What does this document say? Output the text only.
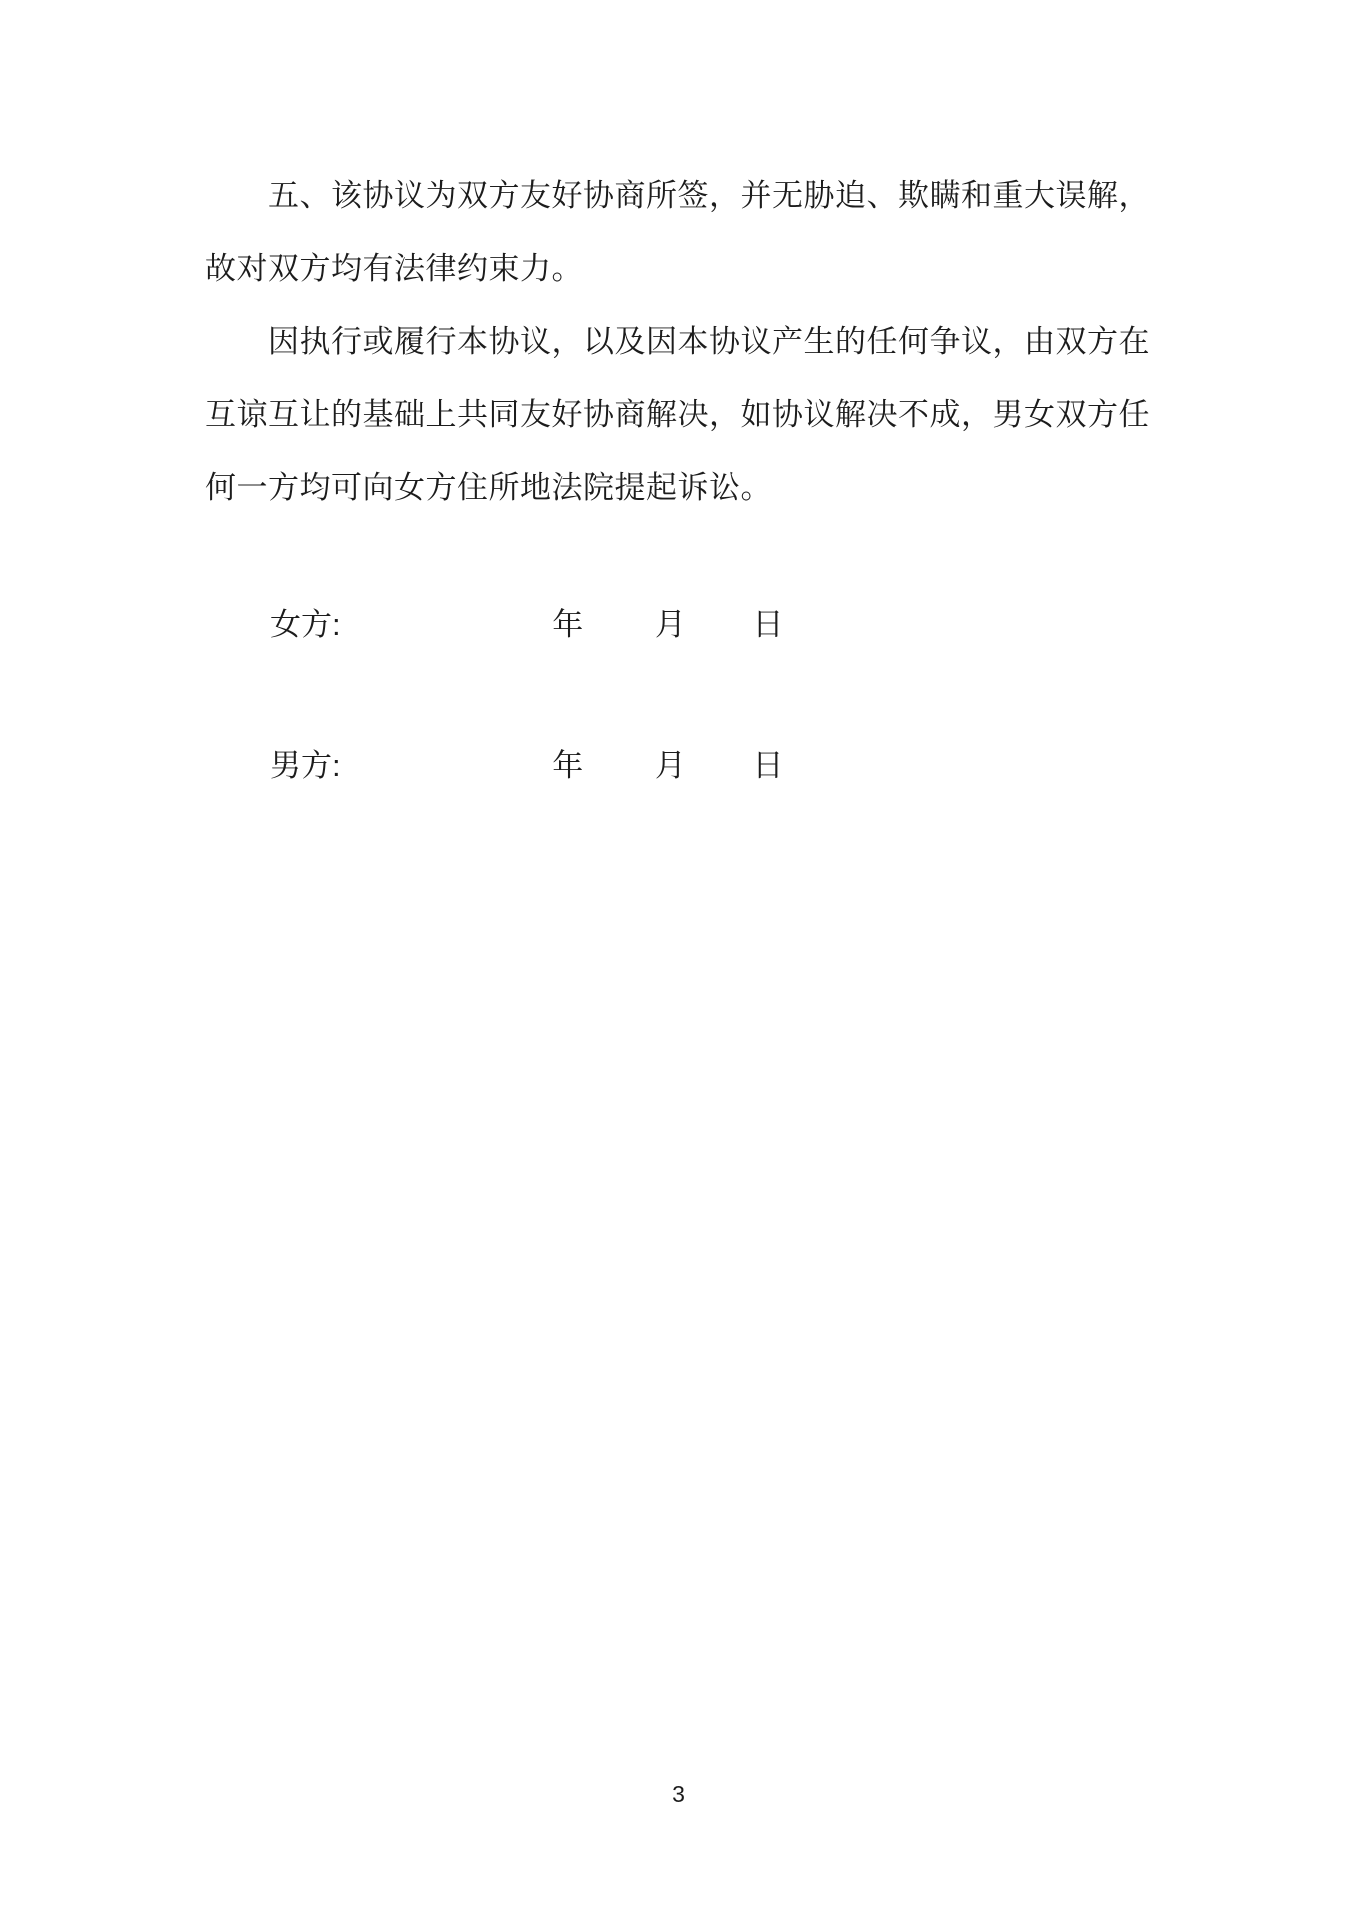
五、该协议为双方友好协商所签，并无胁迫、欺瞒和重大误解，
故对双方均有法律约束力。
因执行或履行本协议，以及因本协议产生的任何争议，由双方在
互谅互让的基础上共同友好协商解决，如协议解决不成，男女双方任
何一方均可向女方住所地法院提起诉讼。
女方:	年 月 日
男方:	年 月 日
3
